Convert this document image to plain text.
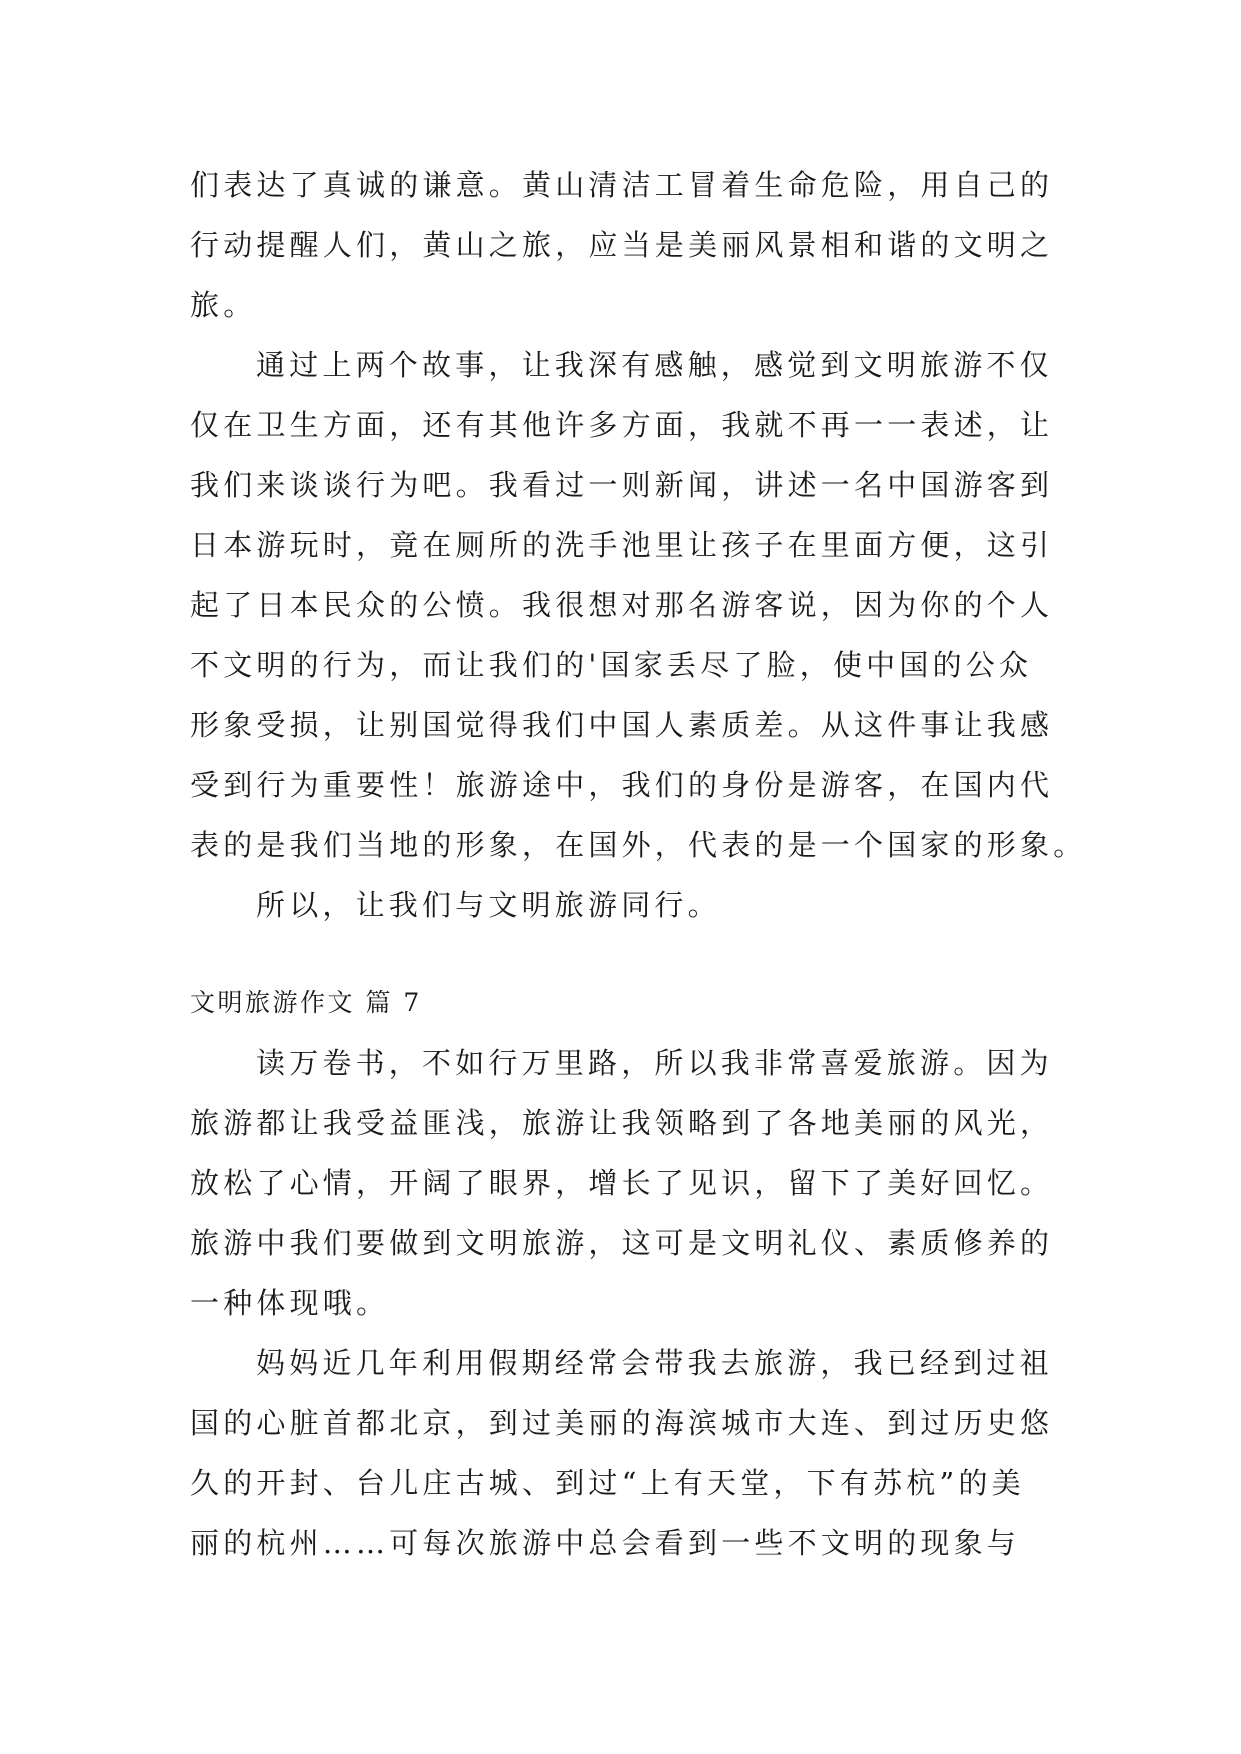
们表达了真诚的谦意。黄山清洁工冒着生命危险，用自己的
行动提醒人们，黄山之旅，应当是美丽风景相和谐的文明之
旅。
通过上两个故事，让我深有感触，感觉到文明旅游不仅
仅在卫生方面，还有其他许多方面，我就不再一一表述，让
我们来谈谈行为吧。我看过一则新闻，讲述一名中国游客到
日本游玩时，竟在厕所的洗手池里让孩子在里面方便，这引
起了日本民众的公愤。我很想对那名游客说，因为你的个人
不文明的行为，而让我们的'国家丢尽了脸，使中国的公众
形象受损，让别国觉得我们中国人素质差。从这件事让我感
受到行为重要性！旅游途中，我们的身份是游客，在国内代
表的是我们当地的形象，在国外，代表的是一个国家的形象。
所以，让我们与文明旅游同行。
文明旅游作文 篇 7
读万卷书，不如行万里路，所以我非常喜爱旅游。因为
旅游都让我受益匪浅，旅游让我领略到了各地美丽的风光，
放松了心情，开阔了眼界，增长了见识，留下了美好回忆。
旅游中我们要做到文明旅游，这可是文明礼仪、素质修养的
一种体现哦。
妈妈近几年利用假期经常会带我去旅游，我已经到过祖
国的心脏首都北京，到过美丽的海滨城市大连、到过历史悠
久的开封、台儿庄古城、到过“上有天堂，下有苏杭”的美
丽的杭州……可每次旅游中总会看到一些不文明的现象与
